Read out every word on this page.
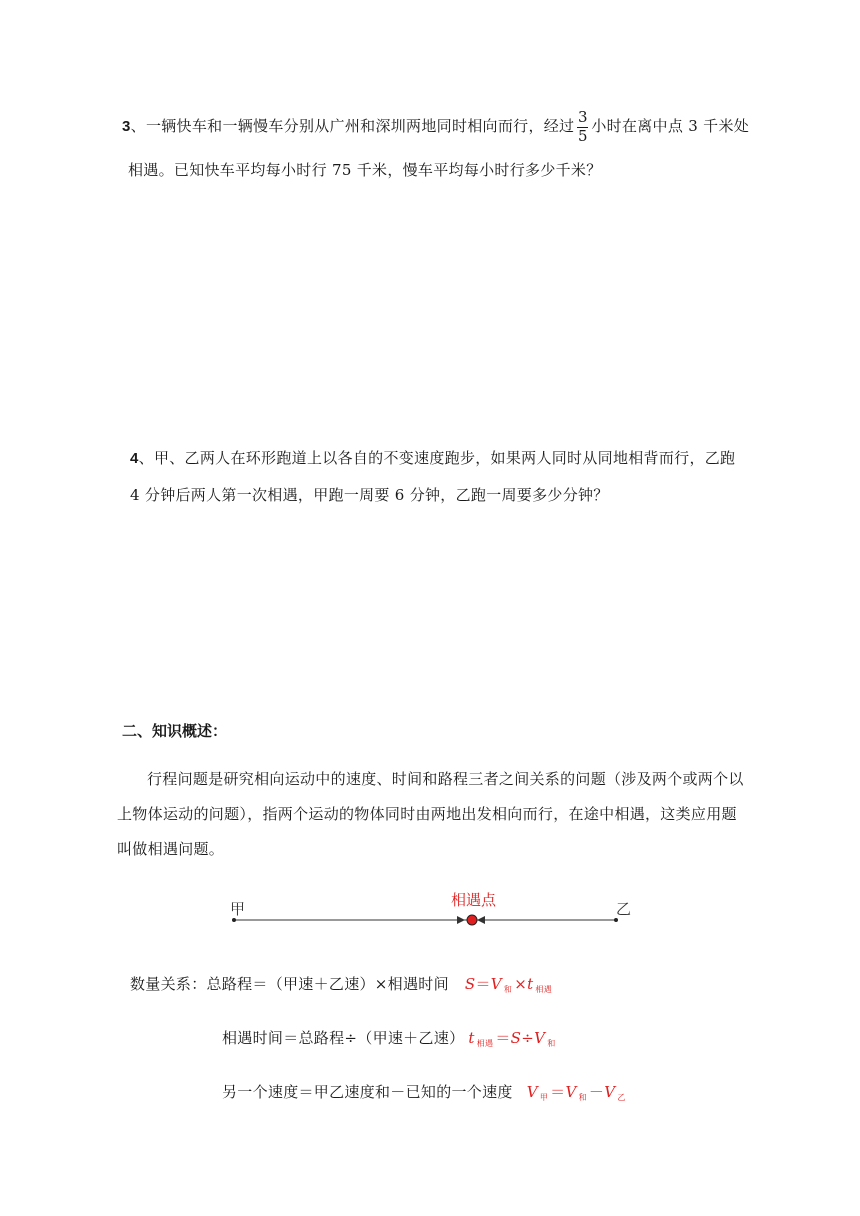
3、一辆快车和一辆慢车分别从广州和深圳两地同时相向而行，经过 $\frac{3}{5}$ 小时在离中点 3 千米处
相遇。已知快车平均每小时行 75 千米，慢车平均每小时行多少千米？
4、甲、乙两人在环形跑道上以各自的不变速度跑步，如果两人同时从同地相背而行，乙跑
4 分钟后两人第一次相遇，甲跑一周要 6 分钟，乙跑一周要多少分钟？
二、知识概述：
行程问题是研究相向运动中的速度、时间和路程三者之间关系的问题（涉及两个或两个以
上物体运动的问题），指两个运动的物体同时由两地出发相向而行，在途中相遇，这类应用题
叫做相遇问题。
甲	相遇点	乙
数量关系：总路程＝（甲速＋乙速）×相遇时间 S＝V $_和$ ×t $_{相遇}$
相遇时间＝总路程÷（甲速＋乙速） t $_{相遇}$ ＝S÷V $_和$
另一个速度＝甲乙速度和－已知的一个速度 V $_甲$ ＝V $_和$ －V $_乙$
